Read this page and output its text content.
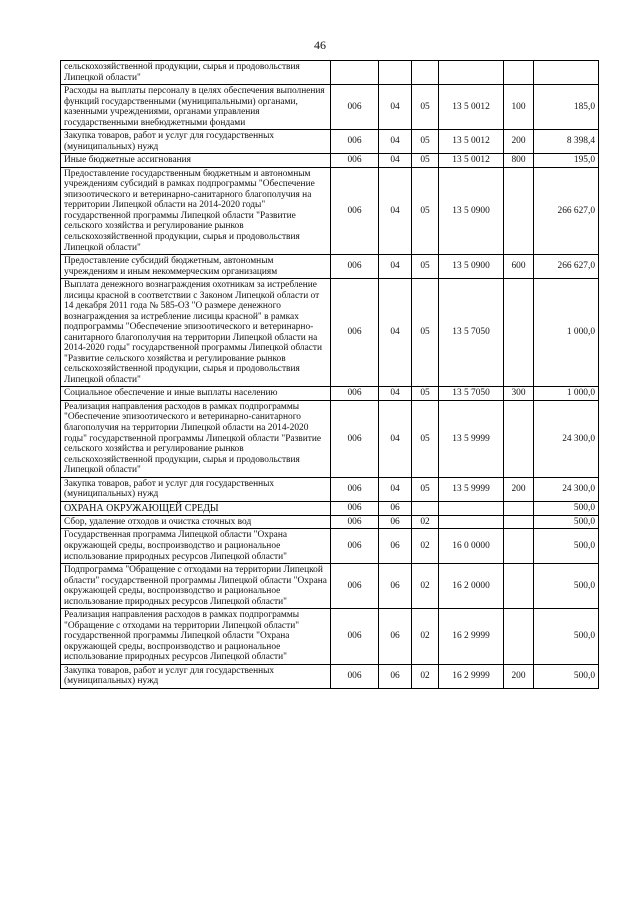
46
сельскохозяйственной продукции, сырья и продовольствия Липецкой области"						
Расходы на выплаты персоналу в целях обеспечения выполнения функций государственными (муниципальными) органами, казенными учреждениями, органами управления государственными внебюджетными фондами	006	04	05	13 5 0012	100	185,0
Закупка товаров, работ и услуг для государственных (муниципальных) нужд	006	04	05	13 5 0012	200	8 398,4
Иные бюджетные ассигнования	006	04	05	13 5 0012	800	195,0
Предоставление государственным бюджетным и автономным учреждениям субсидий в рамках подпрограммы "Обеспечение эпизоотического и ветеринарно-санитарного благополучия на территории Липецкой области на 2014-2020 годы" государственной программы Липецкой области "Развитие сельского хозяйства и регулирование рынков сельскохозяйственной продукции, сырья и продовольствия Липецкой области"	006	04	05	13 5 0900		266 627,0
Предоставление субсидий бюджетным, автономным учреждениям и иным некоммерческим организациям	006	04	05	13 5 0900	600	266 627,0
Выплата денежного вознаграждения охотникам за истребление лисицы красной в соответствии с Законом Липецкой области от 14 декабря 2011 года № 585-ОЗ "О размере денежного вознаграждения за истребление лисицы красной" в рамках подпрограммы "Обеспечение эпизоотического и ветеринарно-санитарного благополучия на территории Липецкой области на 2014-2020 годы" государственной программы Липецкой области "Развитие сельского хозяйства и регулирование рынков сельскохозяйственной продукции, сырья и продовольствия Липецкой области"	006	04	05	13 5 7050		1 000,0
Социальное обеспечение и иные выплаты населению	006	04	05	13 5 7050	300	1 000,0
Реализация направления расходов в рамках подпрограммы "Обеспечение эпизоотического и ветеринарно-санитарного благополучия на территории Липецкой области на 2014-2020 годы" государственной программы Липецкой области "Развитие сельского хозяйства и регулирование рынков сельскохозяйственной продукции, сырья и продовольствия Липецкой области"	006	04	05	13 5 9999		24 300,0
Закупка товаров, работ и услуг для государственных (муниципальных) нужд	006	04	05	13 5 9999	200	24 300,0
ОХРАНА ОКРУЖАЮЩЕЙ СРЕДЫ	006	06				500,0
Сбор, удаление отходов и очистка сточных вод	006	06	02			500,0
Государственная программа Липецкой области "Охрана окружающей среды, воспроизводство и рациональное использование природных ресурсов Липецкой области"	006	06	02	16 0 0000		500,0
Подпрограмма "Обращение с отходами на территории Липецкой области" государственной программы Липецкой области "Охрана окружающей среды, воспроизводство и рациональное использование природных ресурсов Липецкой области"	006	06	02	16 2 0000		500,0
Реализация направления расходов в рамках подпрограммы "Обращение с отходами на территории Липецкой области" государственной программы Липецкой области "Охрана окружающей среды, воспроизводство и рациональное использование природных ресурсов Липецкой области"	006	06	02	16 2 9999		500,0
Закупка товаров, работ и услуг для государственных (муниципальных) нужд	006	06	02	16 2 9999	200	500,0
